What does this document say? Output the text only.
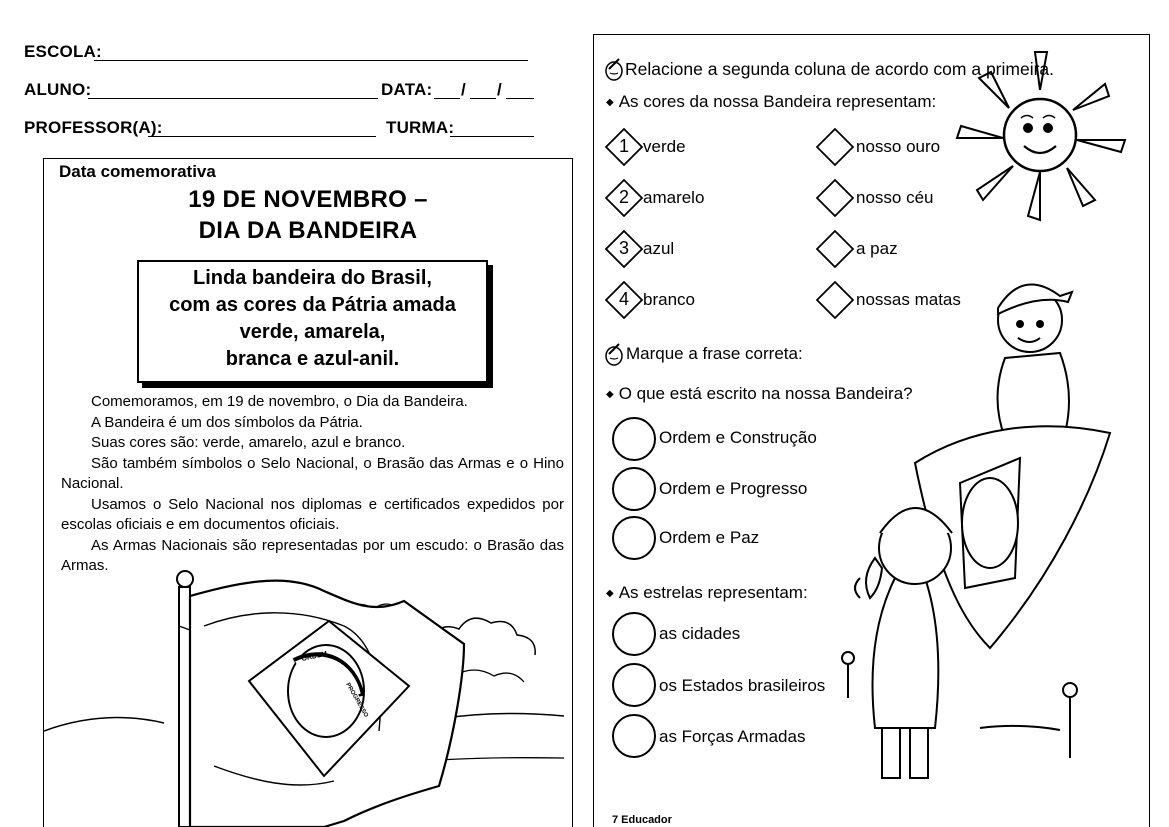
ESCOLA:
ALUNO:	DATA: / /
PROFESSOR(A):	TURMA:
Data comemorativa
19 DE NOVEMBRO –
DIA DA BANDEIRA
Linda bandeira do Brasil,
com as cores da Pátria amada
verde, amarela,
branca e azul-anil.

Comemoramos, em 19 de novembro, o Dia da Bandeira.

A Bandeira é um dos símbolos da Pátria.

Suas cores são: verde, amarelo, azul e branco.

São também símbolos o Selo Nacional, o Brasão das Armas e o Hino Nacional.

Usamos o Selo Nacional nos diplomas e certificados expedidos por escolas oficiais e em documentos oficiais.

As Armas Nacionais são representadas por um escudo: o Brasão das Armas.

ORDEM
PROGRESSO
Relacione a segunda coluna de acordo com a primeira.
◆ As cores da nossa Bandeira representam:
1 verde
2 amarelo
3 azul
4 branco
nosso ouro
nosso céu
a paz
nossas matas
Marque a frase correta:
◆ O que está escrito na nossa Bandeira?
Ordem e Construção
Ordem e Progresso
Ordem e Paz
◆ As estrelas representam:
as cidades
os Estados brasileiros
as Forças Armadas
7 Educador
